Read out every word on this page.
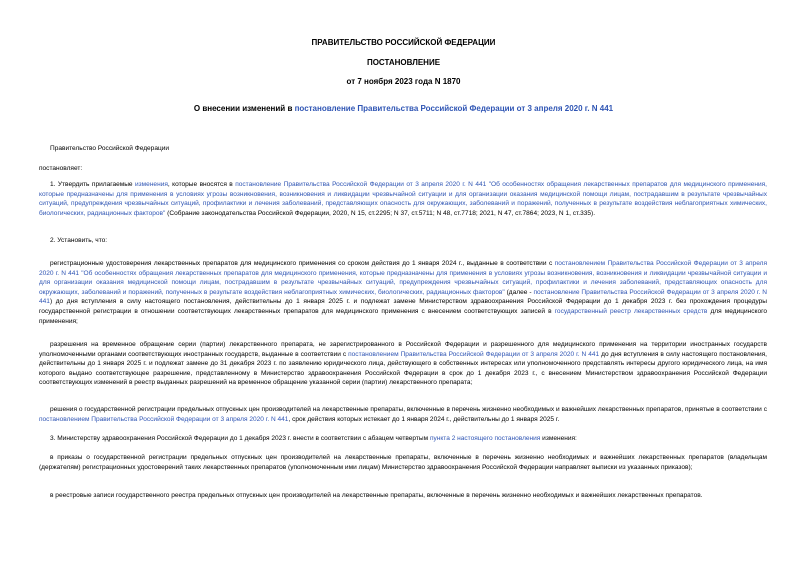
ПРАВИТЕЛЬСТВО РОССИЙСКОЙ ФЕДЕРАЦИИ
ПОСТАНОВЛЕНИЕ
от 7 ноября 2023 года N 1870
О внесении изменений в постановление Правительства Российской Федерации от 3 апреля 2020 г. N 441
Правительство Российской Федерации
постановляет:
1. Утвердить прилагаемые изменения, которые вносятся в постановление Правительства Российской Федерации от 3 апреля 2020 г. N 441 "Об особенностях обращения лекарственных препаратов для медицинского применения, которые предназначены для применения в условиях угрозы возникновения, возникновения и ликвидации чрезвычайной ситуации и для организации оказания медицинской помощи лицам, пострадавшим в результате чрезвычайных ситуаций, предупреждения чрезвычайных ситуаций, профилактики и лечения заболеваний, представляющих опасность для окружающих, заболеваний и поражений, полученных в результате воздействия неблагоприятных химических, биологических, радиационных факторов" (Собрание законодательства Российской Федерации, 2020, N 15, ст.2295; N 37, ст.5711; N 48, ст.7718; 2021, N 47, ст.7864; 2023, N 1, ст.335).
2. Установить, что:
регистрационные удостоверения лекарственных препаратов для медицинского применения со сроком действия до 1 января 2024 г., выданные в соответствии с постановлением Правительства Российской Федерации от 3 апреля 2020 г. N 441 "Об особенностях обращения лекарственных препаратов для медицинского применения, которые предназначены для применения в условиях угрозы возникновения, возникновения и ликвидации чрезвычайной ситуации и для организации оказания медицинской помощи лицам, пострадавшим в результате чрезвычайных ситуаций, предупреждения чрезвычайных ситуаций, профилактики и лечения заболеваний, представляющих опасность для окружающих, заболеваний и поражений, полученных в результате воздействия неблагоприятных химических, биологических, радиационных факторов" (далее - постановление Правительства Российской Федерации от 3 апреля 2020 г. N 441) до дня вступления в силу настоящего постановления, действительны до 1 января 2025 г. и подлежат замене Министерством здравоохранения Российской Федерации до 1 декабря 2023 г. без прохождения процедуры государственной регистрации в отношении соответствующих лекарственных препаратов для медицинского применения с внесением соответствующих записей в государственный реестр лекарственных средств для медицинского применения;
разрешения на временное обращение серии (партии) лекарственного препарата, не зарегистрированного в Российской Федерации и разрешенного для медицинского применения на территории иностранных государств уполномоченными органами соответствующих иностранных государств, выданные в соответствии с постановлением Правительства Российской Федерации от 3 апреля 2020 г. N 441 до дня вступления в силу настоящего постановления, действительны до 1 января 2025 г. и подлежат замене до 31 декабря 2023 г. по заявлению юридического лица, действующего в собственных интересах или уполномоченного представлять интересы другого юридического лица, на имя которого выдано соответствующее разрешение, представленному в Министерство здравоохранения Российской Федерации в срок до 1 декабря 2023 г., с внесением Министерством здравоохранения Российской Федерации соответствующих изменений в реестр выданных разрешений на временное обращение указанной серии (партии) лекарственного препарата;
решения о государственной регистрации предельных отпускных цен производителей на лекарственные препараты, включенные в перечень жизненно необходимых и важнейших лекарственных препаратов, принятые в соответствии с постановлением Правительства Российской Федерации от 3 апреля 2020 г. N 441, срок действия которых истекает до 1 января 2024 г., действительны до 1 января 2025 г.
3. Министерству здравоохранения Российской Федерации до 1 декабря 2023 г. внести в соответствии с абзацем четвертым пункта 2 настоящего постановления изменения:
в приказы о государственной регистрации предельных отпускных цен производителей на лекарственные препараты, включенные в перечень жизненно необходимых и важнейших лекарственных препаратов (владельцам (держателям) регистрационных удостоверений таких лекарственных препаратов (уполномоченным ими лицам) Министерство здравоохранения Российской Федерации направляет выписки из указанных приказов);
в реестровые записи государственного реестра предельных отпускных цен производителей на лекарственные препараты, включенные в перечень жизненно необходимых и важнейших лекарственных препаратов.
